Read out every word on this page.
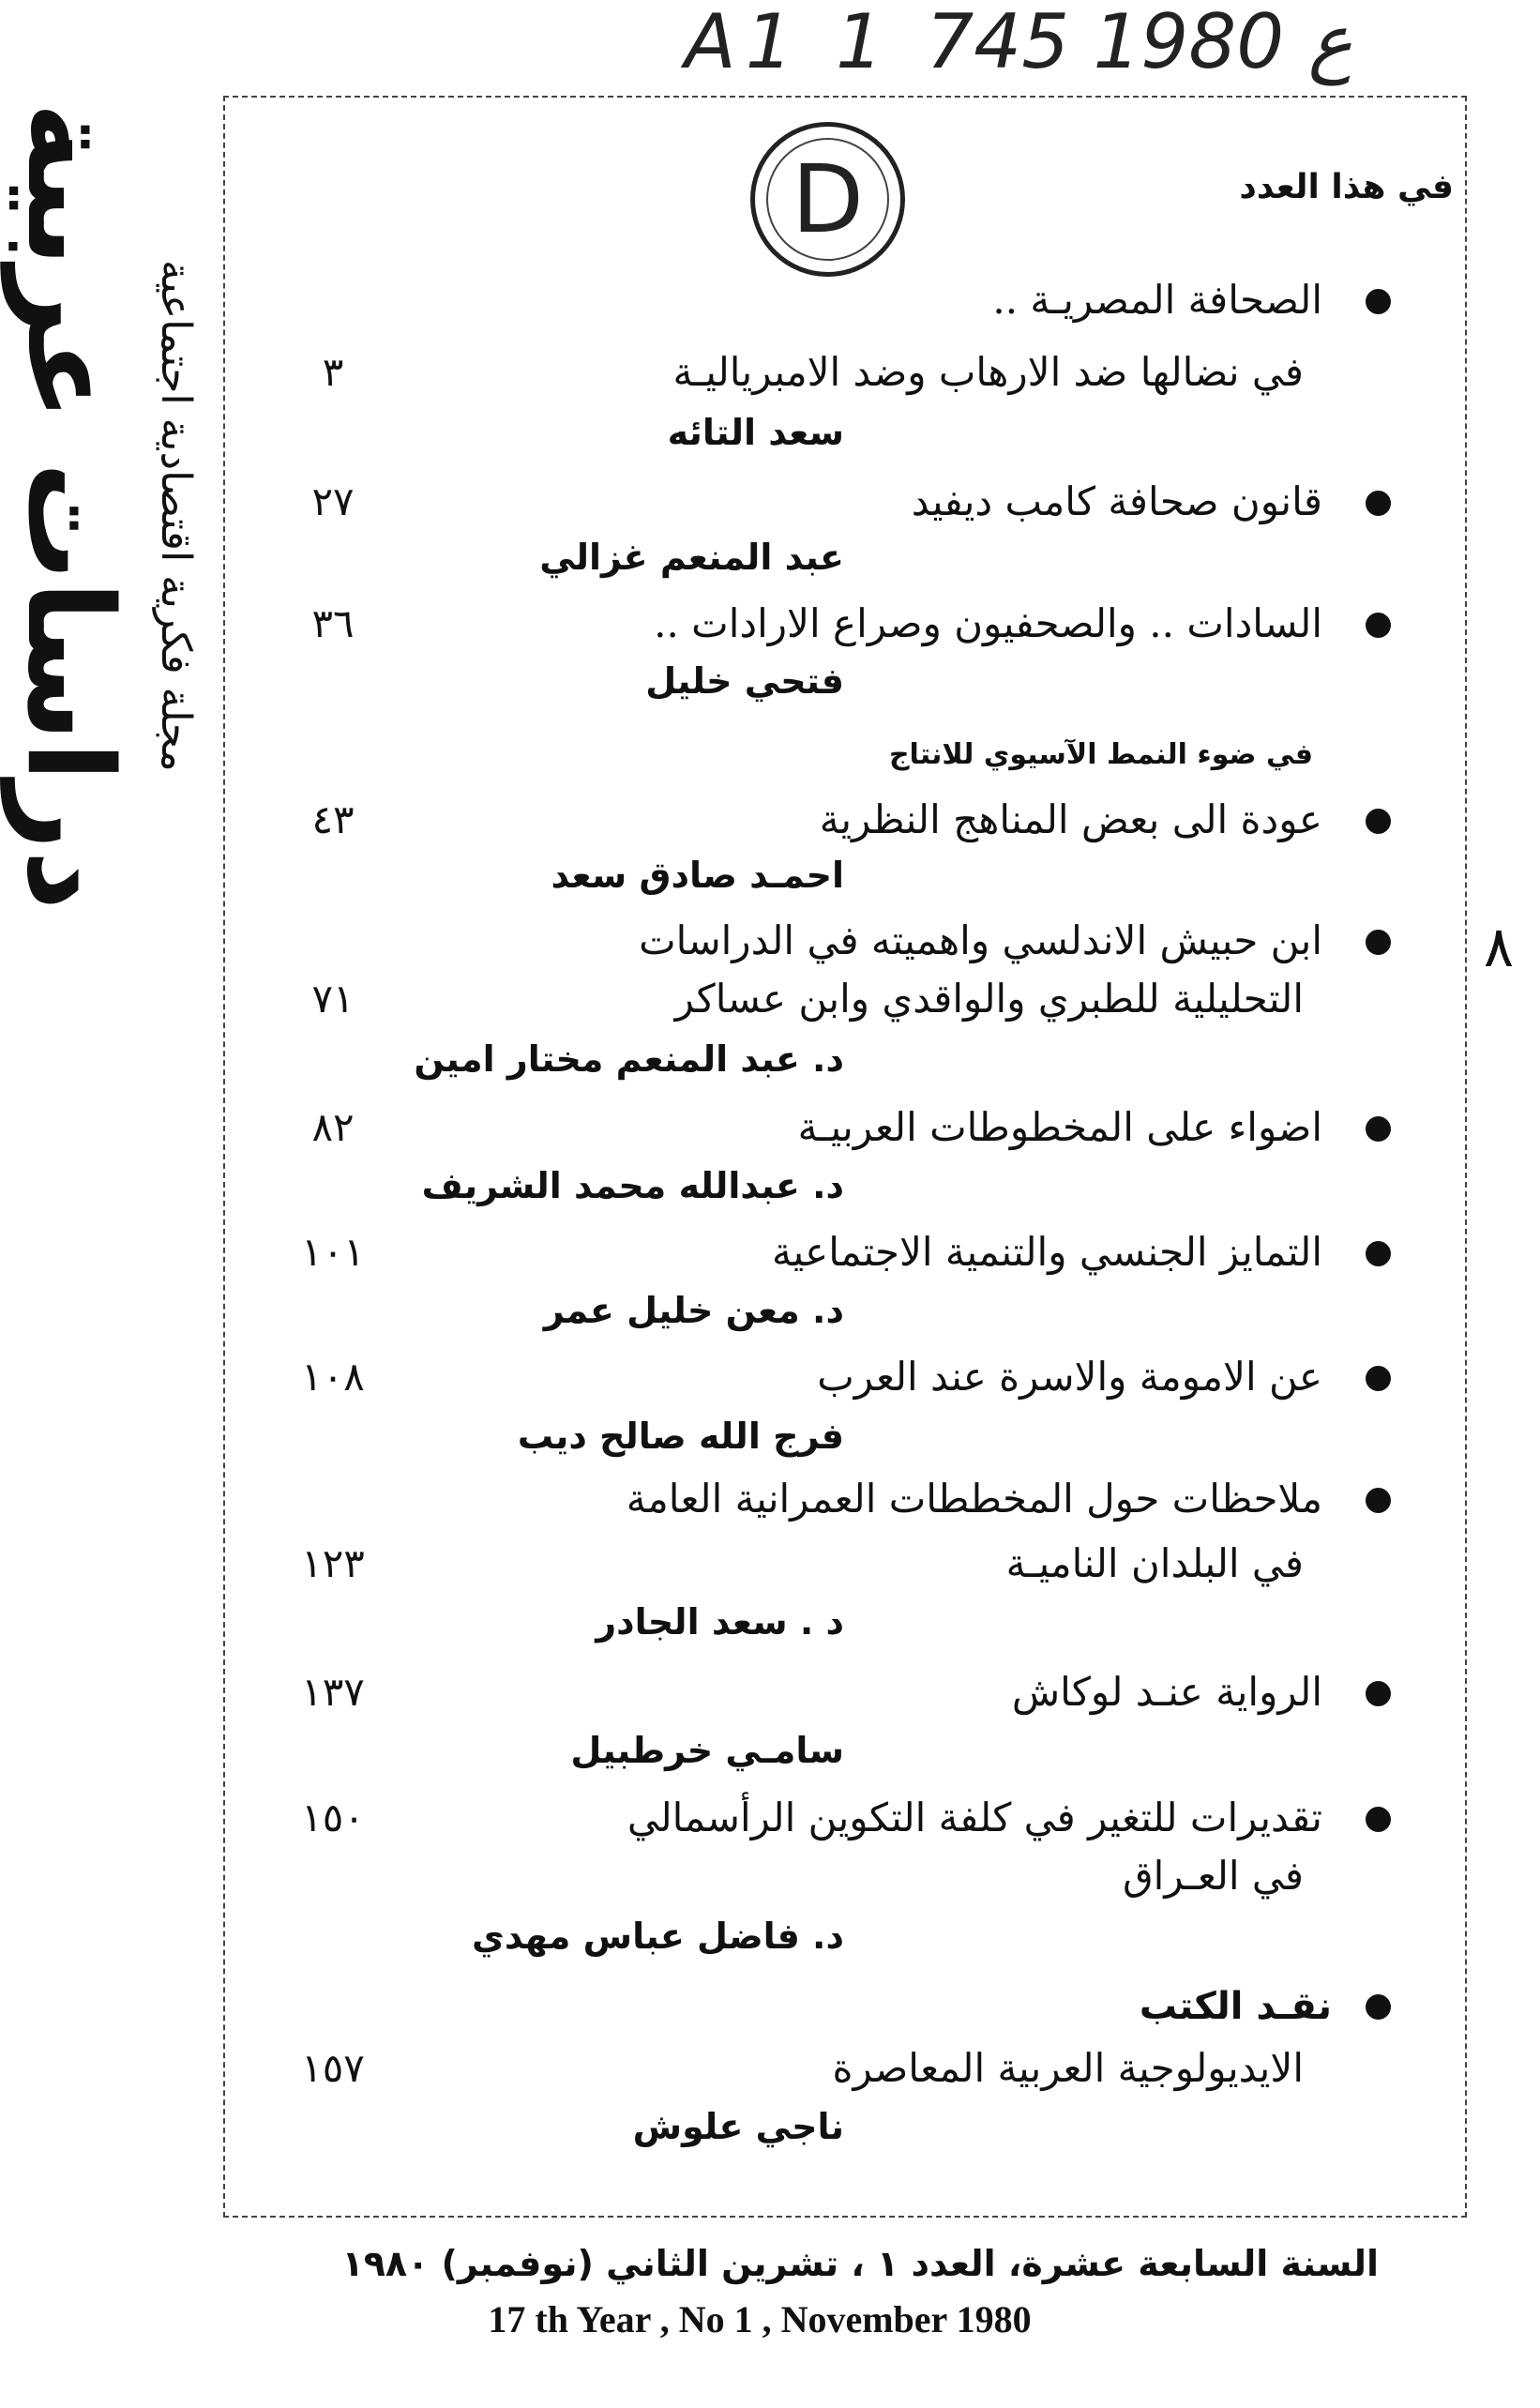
A1 1 ع 1980 745
دراسات عربية مجلة فكرية اقتصادية اجتماعية
D	في هذا العدد
الصحافة المصريـة ..
في نضالها ضد الارهاب وضد الامبرياليـة
٣
سعد التائه
قانون صحافة كامب ديفيد
٢٧
عبد المنعم غزالي
السادات .. والصحفيون وصراع الارادات ..
٣٦
فتحي خليل
في ضوء النمط الآسيوي للانتاج
عودة الى بعض المناهج النظرية
٤٣
احمـد صادق سعد
ابن حبيش الاندلسي واهميته في الدراسات
التحليلية للطبري والواقدي وابن عساكر
٧١
د. عبد المنعم مختار امين
اضواء على المخطوطات العربيـة
٨٢
د. عبدالله محمد الشريف
التمايز الجنسي والتنمية الاجتماعية
١٠١
د. معن خليل عمر
عن الامومة والاسرة عند العرب
١٠٨
فرج الله صالح ديب
ملاحظات حول المخططات العمرانية العامة
في البلدان الناميـة
١٢٣
د . سعد الجادر
الرواية عنـد لوكاش
١٣٧
سامـي خرطبيل
تقديرات للتغير في كلفة التكوين الرأسمالي
في العـراق
١٥٠
د. فاضل عباس مهدي
نقـد الكتب
الايديولوجية العربية المعاصرة
١٥٧
ناجي علوش
٨
السنة السابعة عشرة، العدد ١ ، تشرين الثاني (نوفمبر) ١٩٨٠
17 th Year , No 1 , November 1980
